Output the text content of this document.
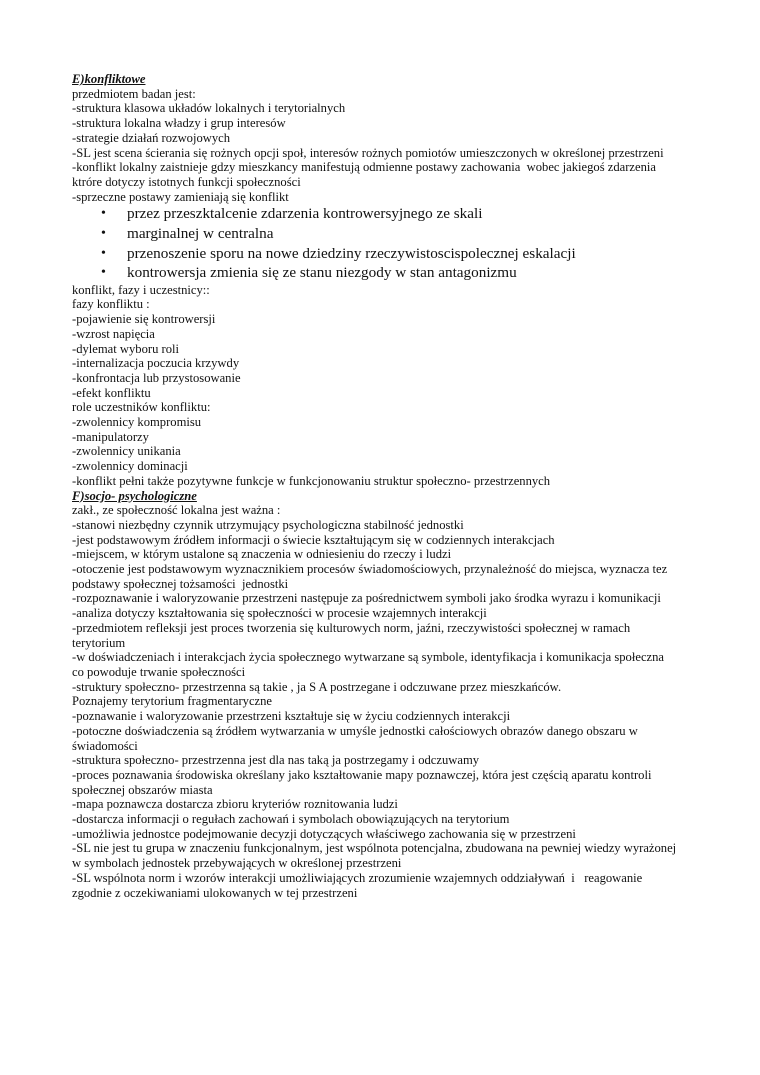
E)konfliktowe
przedmiotem badan jest:
-struktura klasowa układów lokalnych i terytorialnych
-struktura lokalna władzy i grup interesów
-strategie działań rozwojowych
-SL jest scena ścierania się rożnych opcji społ, interesów rożnych pomiotów umieszczonych w określonej przestrzeni
-konflikt lokalny zaistnieje gdzy mieszkancy manifestują odmienne postawy zachowania  wobec jakiegoś zdarzenia
ktróre dotyczy istotnych funkcji społeczności
-sprzeczne postawy zamieniają się konflikt
• przez przeszktalcenie zdarzenia kontrowersyjnego ze skali
• marginalnej w centralna
• przenoszenie sporu na nowe dziedziny rzeczywistoscispolecznej eskalacji
• kontrowersja zmienia się ze stanu niezgody w stan antagonizmu
konflikt, fazy i uczestnicy::
fazy konfliktu :
-pojawienie się kontrowersji
-wzrost napięcia
-dylemat wyboru roli
-internalizacja poczucia krzywdy
-konfrontacja lub przystosowanie
-efekt konfliktu
role uczestników konfliktu:
-zwolennicy kompromisu
-manipulatorzy
-zwolennicy unikania
-zwolennicy dominacji
-konflikt pełni także pozytywne funkcje w funkcjonowaniu struktur społeczno- przestrzennych
F)socjo- psychologiczne
zakł., ze społeczność lokalna jest ważna :
-stanowi niezbędny czynnik utrzymujący psychologiczna stabilność jednostki
-jest podstawowym źródłem informacji o świecie kształtującym się w codziennych interakcjach
-miejscem, w którym ustalone są znaczenia w odniesieniu do rzeczy i ludzi
-otoczenie jest podstawowym wyznacznikiem procesów świadomościowych, przynależność do miejsca, wyznacza tez
podstawy społecznej tożsamości  jednostki
-rozpoznawanie i waloryzowanie przestrzeni następuje za pośrednictwem symboli jako środka wyrazu i komunikacji
-analiza dotyczy kształtowania się społeczności w procesie wzajemnych interakcji
-przedmiotem refleksji jest proces tworzenia się kulturowych norm, jaźni, rzeczywistości społecznej w ramach
terytorium
-w doświadczeniach i interakcjach życia społecznego wytwarzane są symbole, identyfikacja i komunikacja społeczna
co powoduje trwanie społeczności
-struktury społeczno- przestrzenna są takie , ja S A postrzegane i odczuwane przez mieszkańców.
Poznajemy terytorium fragmentaryczne
-poznawanie i waloryzowanie przestrzeni kształtuje się w życiu codziennych interakcji
-potoczne doświadczenia są źródłem wytwarzania w umyśle jednostki całościowych obrazów danego obszaru w
świadomości
-struktura społeczno- przestrzenna jest dla nas taką ja postrzegamy i odczuwamy
-proces poznawania środowiska określany jako kształtowanie mapy poznawczej, która jest częścią aparatu kontroli
społecznej obszarów miasta
-mapa poznawcza dostarcza zbioru kryteriów roznitowania ludzi
-dostarcza informacji o regułach zachowań i symbolach obowiązujących na terytorium
-umożliwia jednostce podejmowanie decyzji dotyczących właściwego zachowania się w przestrzeni
-SL nie jest tu grupa w znaczeniu funkcjonalnym, jest wspólnota potencjalna, zbudowana na pewniej wiedzy wyrażonej
w symbolach jednostek przebywających w określonej przestrzeni
-SL wspólnota norm i wzorów interakcji umożliwiających zrozumienie wzajemnych oddziaływań  i   reagowanie
zgodnie z oczekiwaniami ulokowanych w tej przestrzeni
